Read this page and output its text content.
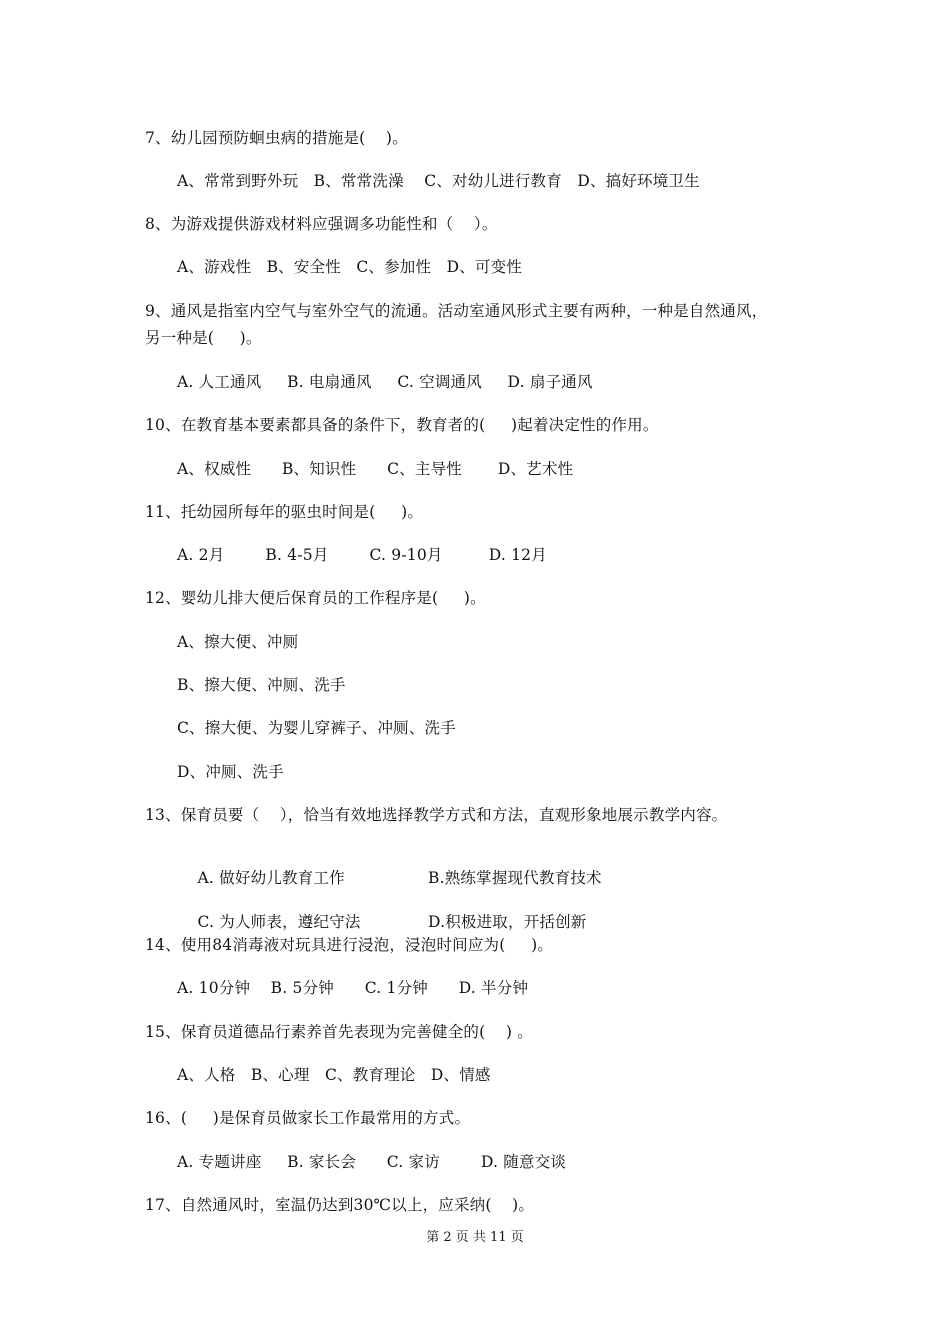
7、幼儿园预防蛔虫病的措施是(    )。
A、常常到野外玩   B、常常洗澡    C、对幼儿进行教育   D、搞好环境卫生
8、为游戏提供游戏材料应强调多功能性和（    ）。
A、游戏性   B、安全性   C、参加性   D、可变性
9、通风是指室内空气与室外空气的流通。活动室通风形式主要有两种，一种是自然通风，
另一种是(     )。
A. 人工通风     B. 电扇通风     C. 空调通风     D. 扇子通风
10、在教育基本要素都具备的条件下，教育者的(     )起着决定性的作用。
A、权威性      B、知识性      C、主导性       D、艺术性
11、托幼园所每年的驱虫时间是(     )。
A. 2月        B. 4-5月        C. 9-10月         D. 12月
12、婴幼儿排大便后保育员的工作程序是(     )。
A、擦大便、冲厕
B、擦大便、冲厕、洗手
C、擦大便、为婴儿穿裤子、冲厕、洗手
D、冲厕、洗手
13、保育员要（    ），恰当有效地选择教学方式和方法，直观形象地展示教学内容。

A. 做好幼儿教育工作	B.熟练掌握现代教育技术

C. 为人师表，遵纪守法	D.积极进取，开括创新

14、使用84消毒液对玩具进行浸泡，浸泡时间应为(     )。
A. 10分钟    B. 5分钟      C. 1分钟      D. 半分钟
15、保育员道德品行素养首先表现为完善健全的(    ) 。
A、人格   B、心理   C、教育理论   D、情感
16、(     )是保育员做家长工作最常用的方式。
A. 专题讲座     B. 家长会      C. 家访        D. 随意交谈
17、自然通风时，室温仍达到30℃以上，应采纳(    )。
第 2 页 共 11 页
